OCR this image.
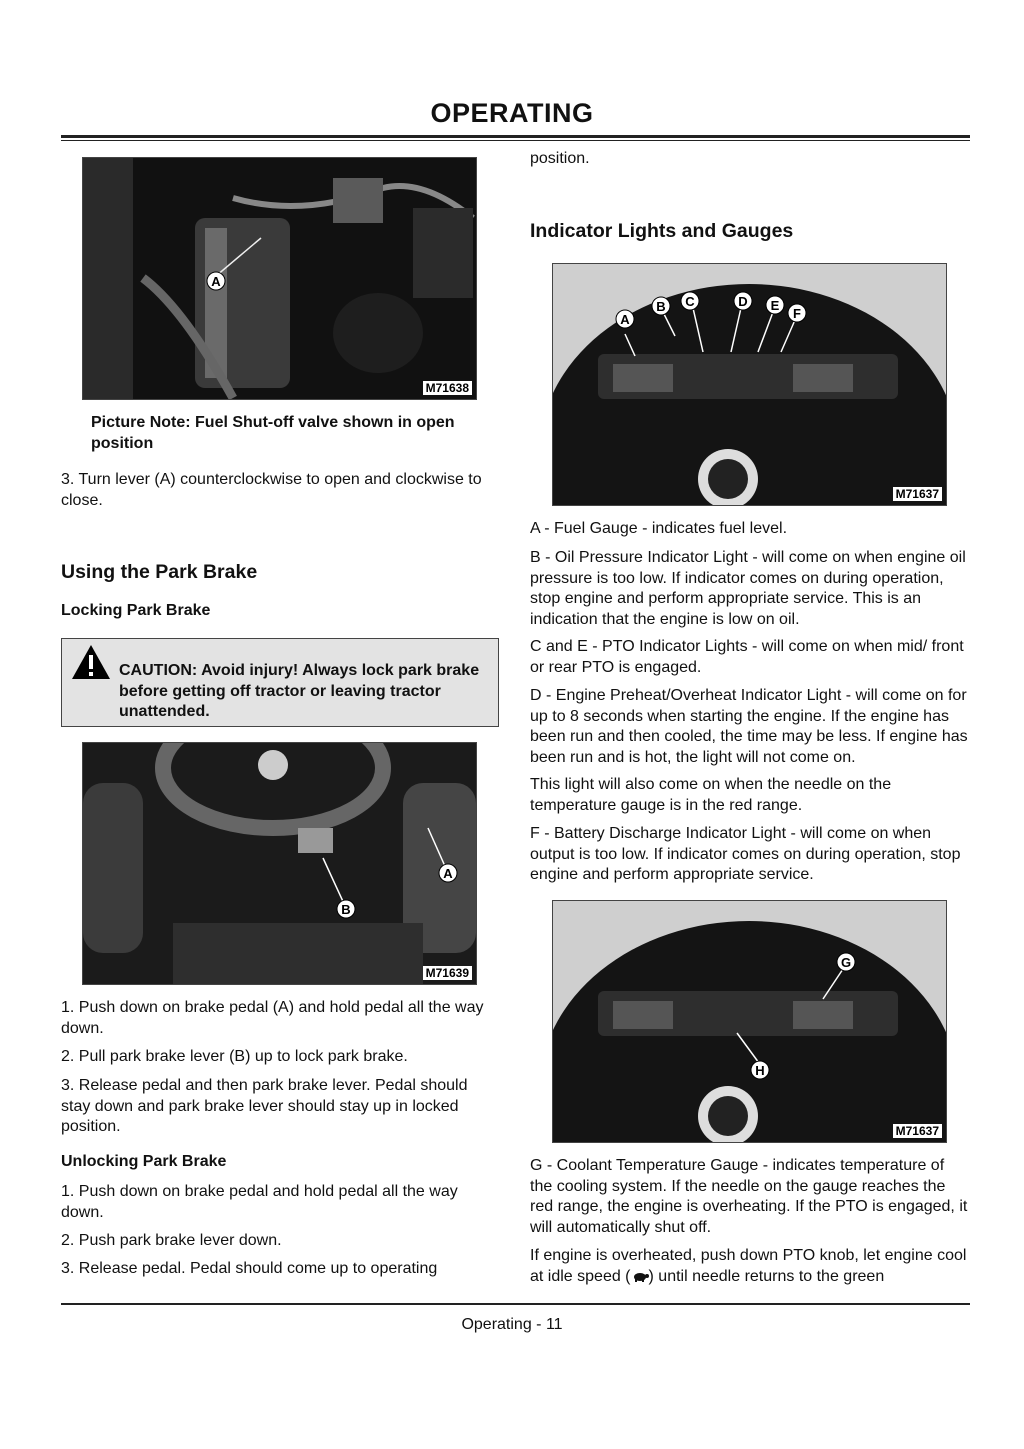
OPERATING
A
M71638
Picture Note: Fuel Shut-off valve shown in open position
3. Turn lever (A) counterclockwise to open and clockwise to close.
Using the Park Brake
Locking Park Brake
CAUTION: Avoid injury! Always lock park brake before getting off tractor or leaving tractor unattended.
A
B
M71639
1. Push down on brake pedal (A) and hold pedal all the way down.
2. Pull park brake lever (B) up to lock park brake.
3. Release pedal and then park brake lever. Pedal should stay down and park brake lever should stay up in locked position.
Unlocking Park Brake
1. Push down on brake pedal and hold pedal all the way down.
2. Push park brake lever down.
3. Release pedal. Pedal should come up to operating
position.
Indicator Lights and Gauges
A
B C	D E
F
M71637
A - Fuel Gauge - indicates fuel level.
B - Oil Pressure Indicator Light - will come on when engine oil pressure is too low. If indicator comes on during operation, stop engine and perform appropriate service. This is an indication that the engine is low on oil.
C and E - PTO Indicator Lights - will come on when mid/ front or rear PTO is engaged.
D - Engine Preheat/Overheat Indicator Light - will come on for up to 8 seconds when starting the engine. If the engine has been run and then cooled, the time may be less. If engine has been run and is hot, the light will not come on.
This light will also come on when the needle on the temperature gauge is in the red range.
F - Battery Discharge Indicator Light - will come on when output is too low. If indicator comes on during operation, stop engine and perform appropriate service.
G
H
M71637
G - Coolant Temperature Gauge - indicates temperature of the cooling system. If the needle on the gauge reaches the red range, the engine is overheating. If the PTO is engaged, it will automatically shut off.
If engine is overheated, push down PTO knob, let engine cool at idle speed ( ) until needle returns to the green
Operating - 11
